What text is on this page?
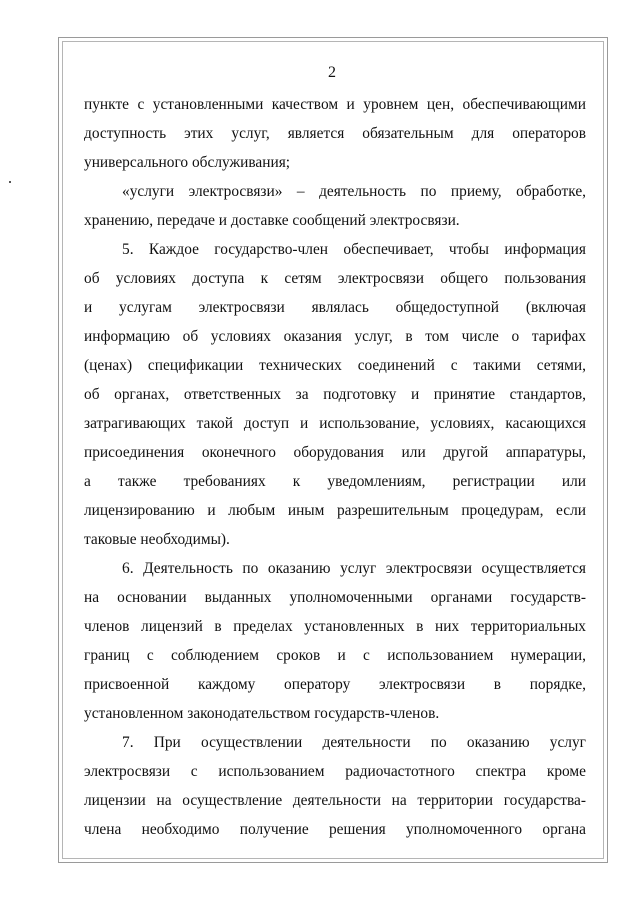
2
пункте с установленными качеством и уровнем цен, обеспечивающими
доступность этих услуг, является обязательным для операторов
универсального обслуживания;
«услуги электросвязи» – деятельность по приему, обработке,
хранению, передаче и доставке сообщений электросвязи.
5. Каждое государство-член обеспечивает, чтобы информация
об условиях доступа к сетям электросвязи общего пользования
и услугам электросвязи являлась общедоступной (включая
информацию об условиях оказания услуг, в том числе о тарифах
(ценах) спецификации технических соединений с такими сетями,
об органах, ответственных за подготовку и принятие стандартов,
затрагивающих такой доступ и использование, условиях, касающихся
присоединения оконечного оборудования или другой аппаратуры,
а также требованиях к уведомлениям, регистрации или
лицензированию и любым иным разрешительным процедурам, если
таковые необходимы).
6. Деятельность по оказанию услуг электросвязи осуществляется
на основании выданных уполномоченными органами государств-
членов лицензий в пределах установленных в них территориальных
границ с соблюдением сроков и с использованием нумерации,
присвоенной каждому оператору электросвязи в порядке,
установленном законодательством государств-членов.
7. При осуществлении деятельности по оказанию услуг
электросвязи с использованием радиочастотного спектра кроме
лицензии на осуществление деятельности на территории государства-
члена необходимо получение решения уполномоченного органа
